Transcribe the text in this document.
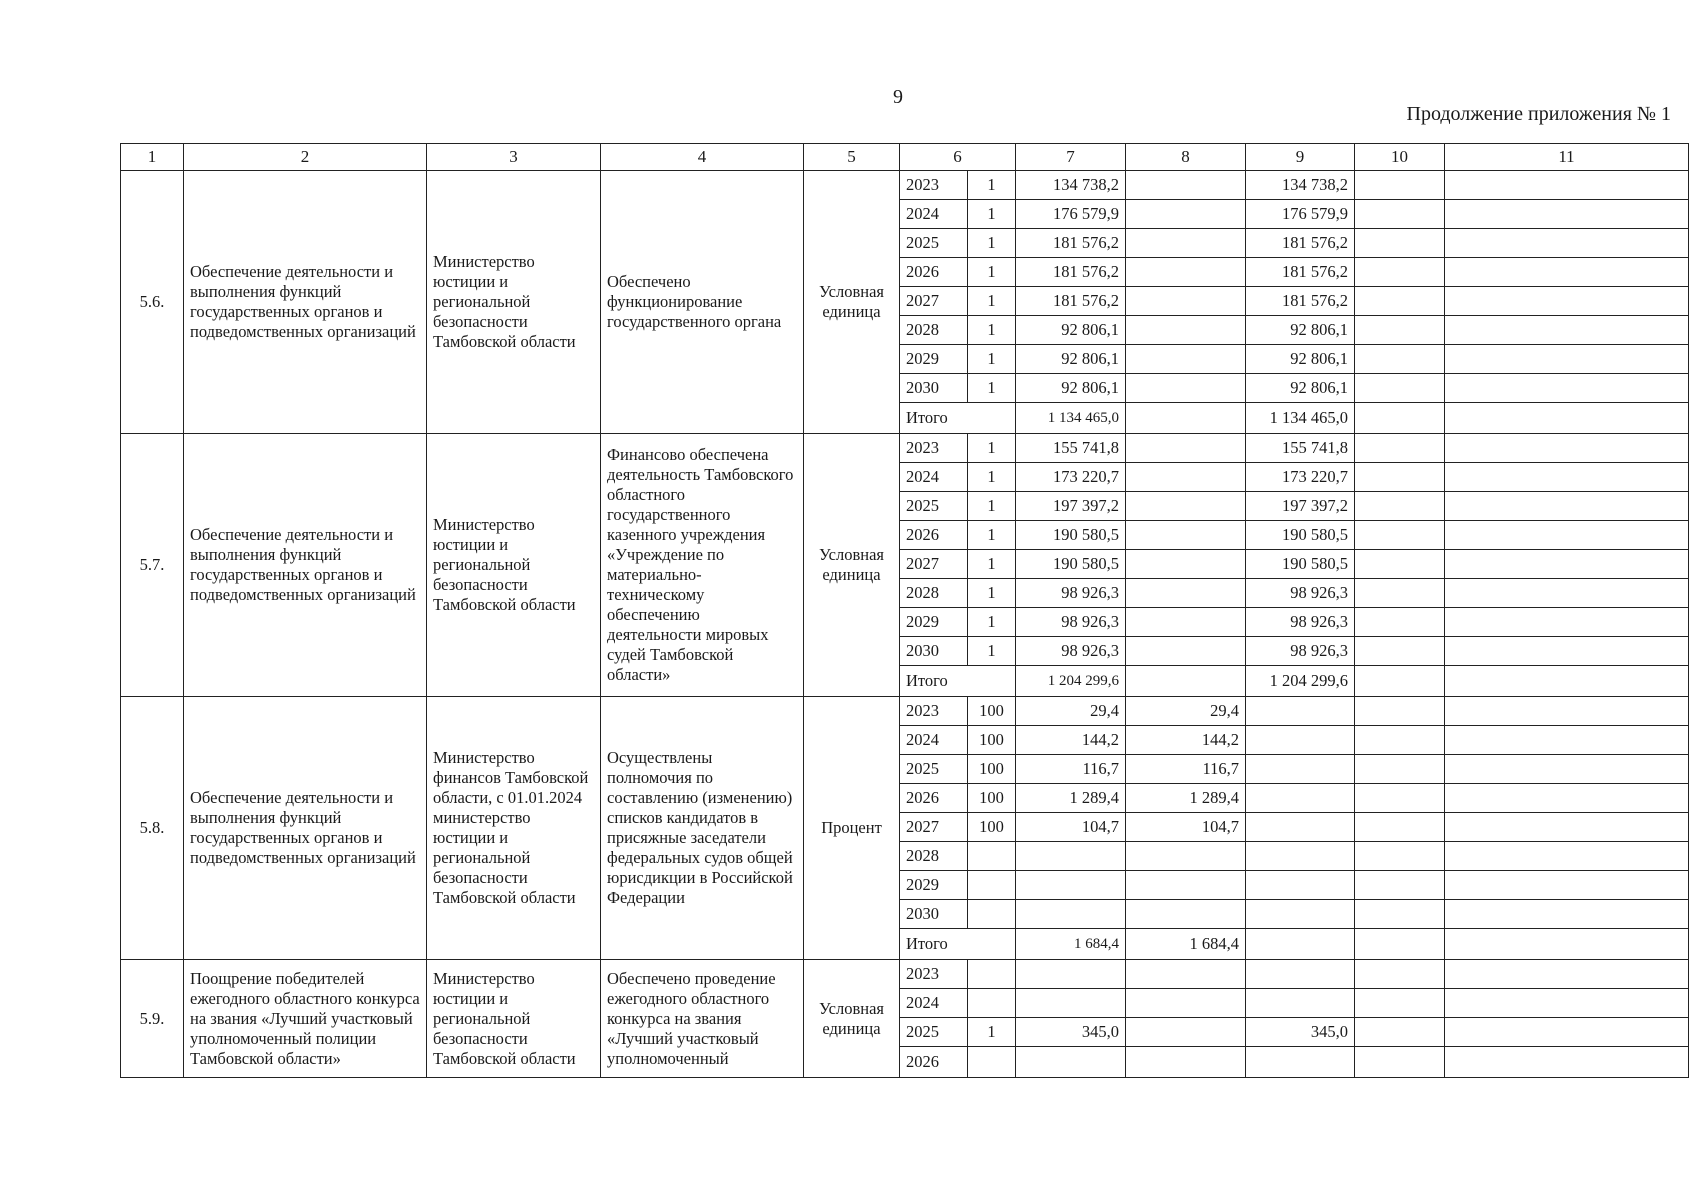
9
Продолжение приложения № 1
1	2	3	4	5	6		7	8	9	10	11
5.6.	Обеспечение деятельности и выполнения функций государственных органов и подведомственных организаций	Министерство юстиции и региональной безопасности Тамбовской области	Обеспечено функционирование государственного органа	Условная единица	2023	1	134 738,2		134 738,2		
					2024	1	176 579,9		176 579,9		
					2025	1	181 576,2		181 576,2		
					2026	1	181 576,2		181 576,2		
					2027	1	181 576,2		181 576,2		
					2028	1	92 806,1		92 806,1		
					2029	1	92 806,1		92 806,1		
					2030	1	92 806,1		92 806,1		
					Итого		1 134 465,0		1 134 465,0		
5.7.	Обеспечение деятельности и выполнения функций государственных органов и подведомственных организаций	Министерство юстиции и региональной безопасности Тамбовской области	Финансово обеспечена деятельность Тамбовского областного государственного казенного учреждения «Учреждение по материально-техническому обеспечению деятельности мировых судей Тамбовской области»	Условная единица	2023	1	155 741,8		155 741,8		
					2024	1	173 220,7		173 220,7		
					2025	1	197 397,2		197 397,2		
					2026	1	190 580,5		190 580,5		
					2027	1	190 580,5		190 580,5		
					2028	1	98 926,3		98 926,3		
					2029	1	98 926,3		98 926,3		
					2030	1	98 926,3		98 926,3		
					Итого		1 204 299,6		1 204 299,6		
5.8.	Обеспечение деятельности и выполнения функций государственных органов и подведомственных организаций	Министерство финансов Тамбовской области, с 01.01.2024 министерство юстиции и региональной безопасности Тамбовской области	Осуществлены полномочия по составлению (изменению) списков кандидатов в присяжные заседатели федеральных судов общей юрисдикции в Российской Федерации	Процент	2023	100	29,4	29,4			
					2024	100	144,2	144,2			
					2025	100	116,7	116,7			
					2026	100	1 289,4	1 289,4			
					2027	100	104,7	104,7			
					2028						
					2029						
					2030						
					Итого		1 684,4	1 684,4			
5.9.	Поощрение победителей ежегодного областного конкурса на звания «Лучший участковый уполномоченный полиции Тамбовской области»	Министерство юстиции и региональной безопасности Тамбовской области	Обеспечено проведение ежегодного областного конкурса на звания «Лучший участковый уполномоченный	Условная единица	2023						
					2024						
					2025	1	345,0		345,0		
					2026						
